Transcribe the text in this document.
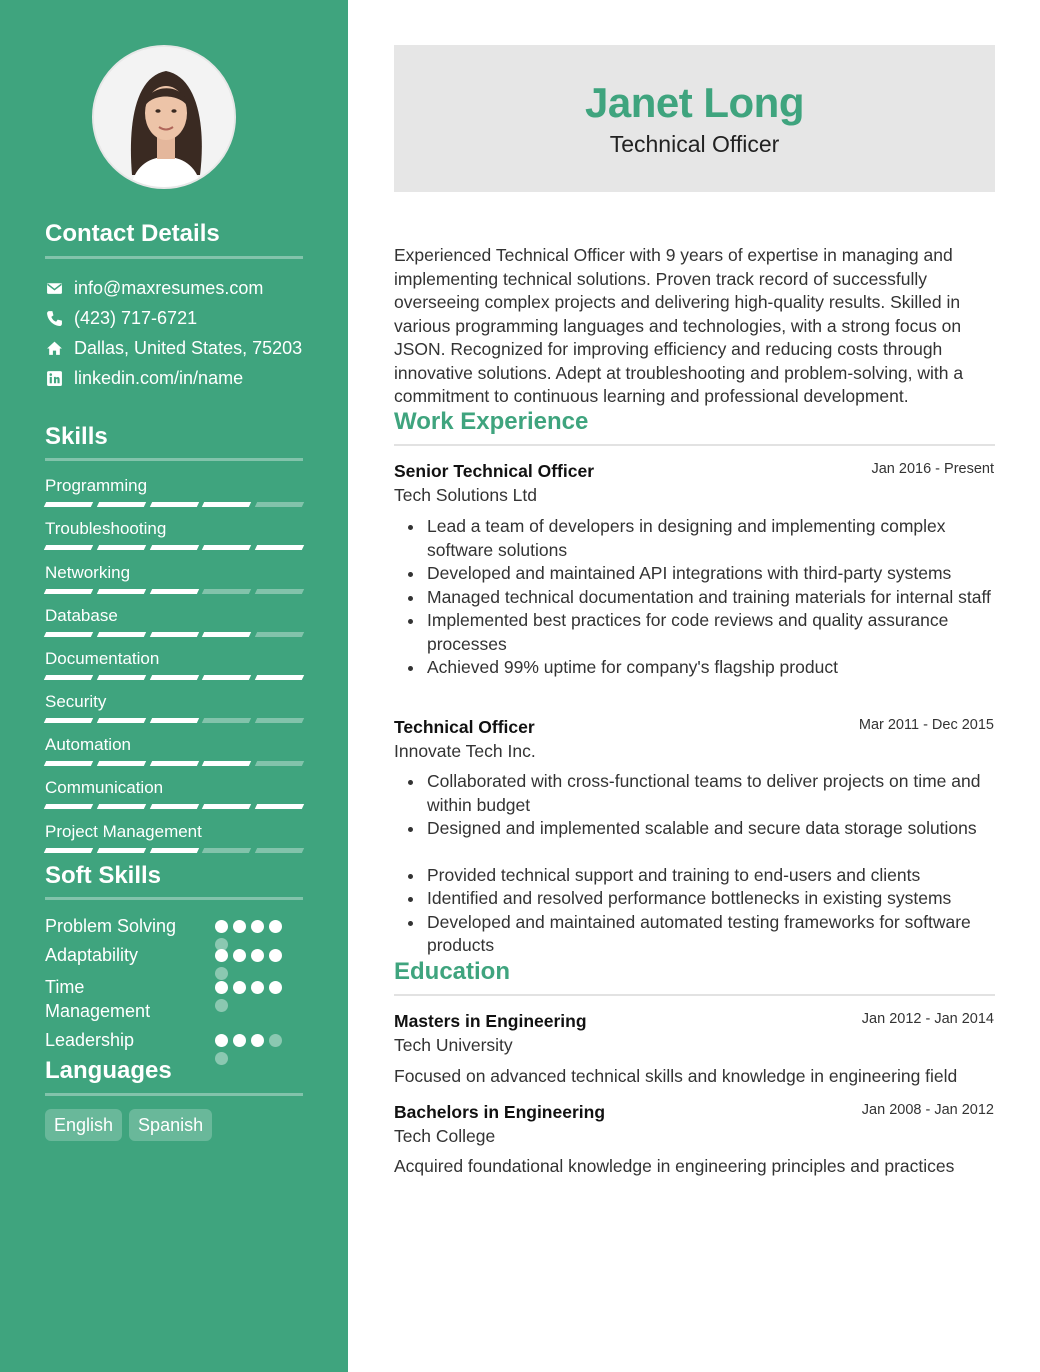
Contact Details
info@maxresumes.com
(423) 717-6721
Dallas, United States, 75203
linkedin.com/in/name
Skills
Programming
Troubleshooting
Networking
Database
Documentation
Security
Automation
Communication
Project Management
Soft Skills
Problem Solving
Adaptability
Time Management
Leadership
Languages
English	Spanish
Janet Long
Technical Officer
Experienced Technical Officer with 9 years of expertise in managing and implementing technical solutions. Proven track record of successfully overseeing complex projects and delivering high-quality results. Skilled in various programming languages and technologies, with a strong focus on JSON. Recognized for improving efficiency and reducing costs through innovative solutions. Adept at troubleshooting and problem-solving, with a commitment to continuous learning and professional development.
Work Experience
Senior Technical Officer	Jan 2016 - Present
Tech Solutions Ltd
Lead a team of developers in designing and implementing complex software solutions
Developed and maintained API integrations with third-party systems
Managed technical documentation and training materials for internal staff
Implemented best practices for code reviews and quality assurance processes
Achieved 99% uptime for company's flagship product
Technical Officer	Mar 2011 - Dec 2015
Innovate Tech Inc.
Collaborated with cross-functional teams to deliver projects on time and within budget
Designed and implemented scalable and secure data storage solutions
Provided technical support and training to end-users and clients
Identified and resolved performance bottlenecks in existing systems
Developed and maintained automated testing frameworks for software products
Education
Masters in Engineering	Jan 2012 - Jan 2014
Tech University
Focused on advanced technical skills and knowledge in engineering field
Bachelors in Engineering	Jan 2008 - Jan 2012
Tech College
Acquired foundational knowledge in engineering principles and practices
